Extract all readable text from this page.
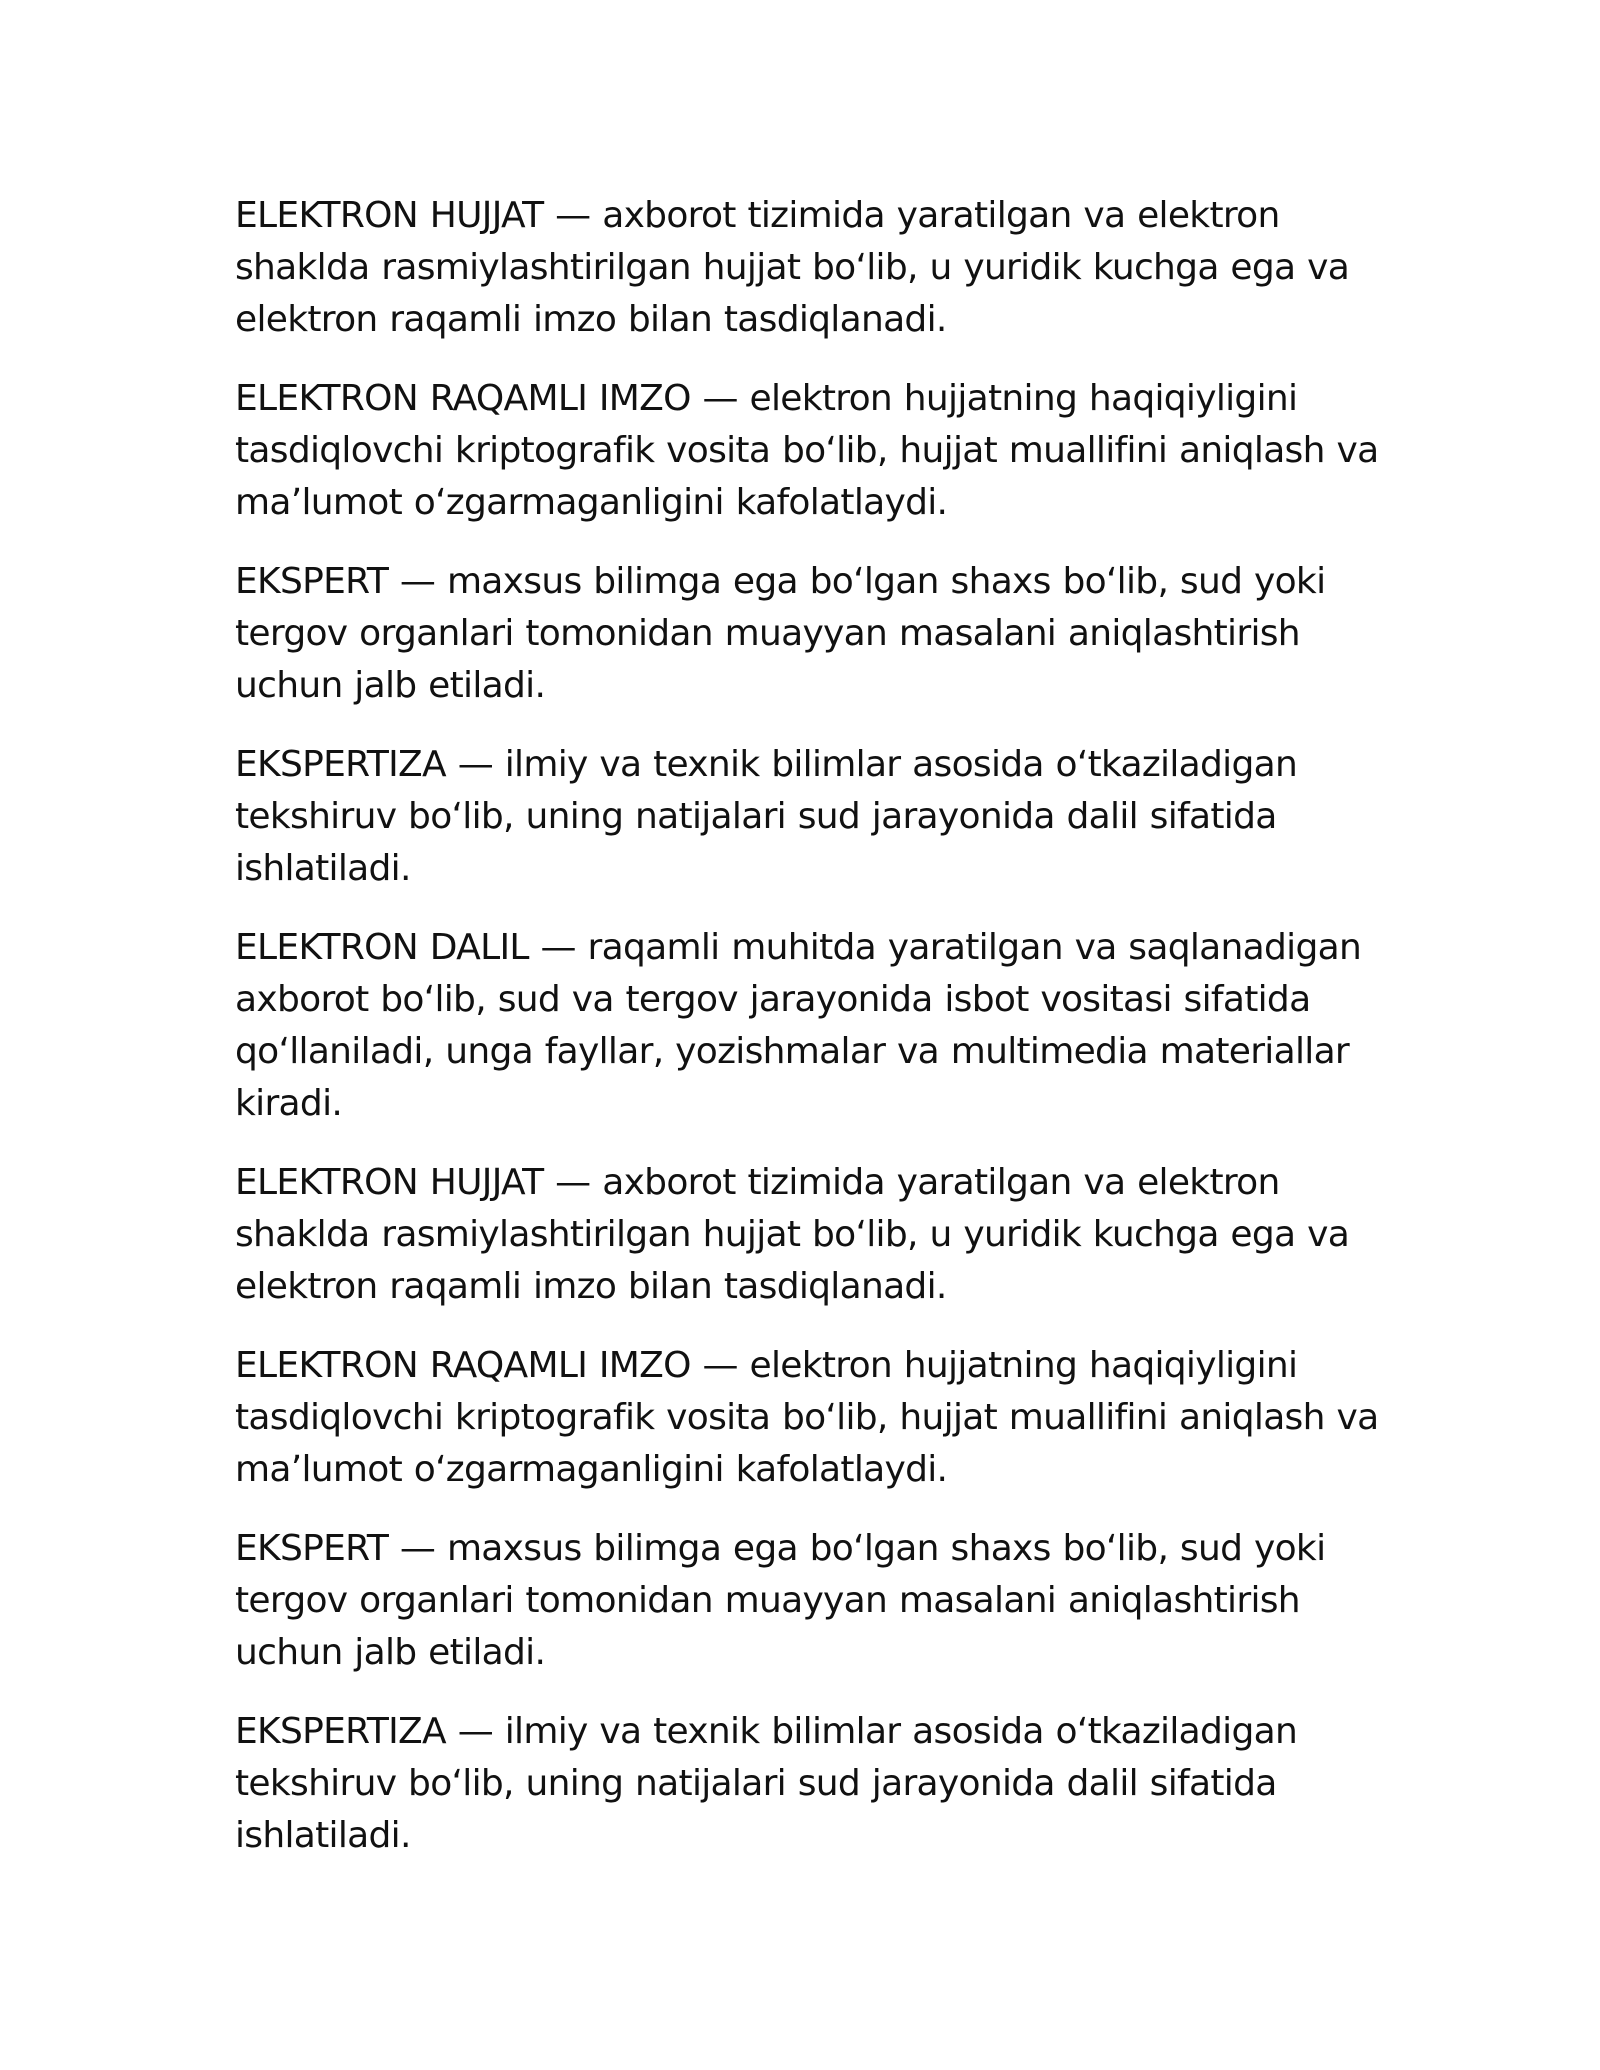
ELEKTRON HUJJAT — axborot tizimida yaratilgan va elektron shaklda rasmiylashtirilgan hujjat bo‘lib, u yuridik kuchga ega va elektron raqamli imzo bilan tasdiqlanadi.

ELEKTRON RAQAMLI IMZO — elektron hujjatning haqiqiyligini tasdiqlovchi kriptografik vosita bo‘lib, hujjat muallifini aniqlash va ma’lumot o‘zgarmaganligini kafolatlaydi.

EKSPERT — maxsus bilimga ega bo‘lgan shaxs bo‘lib, sud yoki tergov organlari tomonidan muayyan masalani aniqlashtirish uchun jalb etiladi.

EKSPERTIZA — ilmiy va texnik bilimlar asosida o‘tkaziladigan tekshiruv bo‘lib, uning natijalari sud jarayonida dalil sifatida ishlatiladi.

ELEKTRON DALIL — raqamli muhitda yaratilgan va saqlanadigan axborot bo‘lib, sud va tergov jarayonida isbot vositasi sifatida qo‘llaniladi, unga fayllar, yozishmalar va multimedia materiallar kiradi.

ELEKTRON HUJJAT — axborot tizimida yaratilgan va elektron shaklda rasmiylashtirilgan hujjat bo‘lib, u yuridik kuchga ega va elektron raqamli imzo bilan tasdiqlanadi.

ELEKTRON RAQAMLI IMZO — elektron hujjatning haqiqiyligini tasdiqlovchi kriptografik vosita bo‘lib, hujjat muallifini aniqlash va ma’lumot o‘zgarmaganligini kafolatlaydi.

EKSPERT — maxsus bilimga ega bo‘lgan shaxs bo‘lib, sud yoki tergov organlari tomonidan muayyan masalani aniqlashtirish uchun jalb etiladi.

EKSPERTIZA — ilmiy va texnik bilimlar asosida o‘tkaziladigan tekshiruv bo‘lib, uning natijalari sud jarayonida dalil sifatida ishlatiladi.
